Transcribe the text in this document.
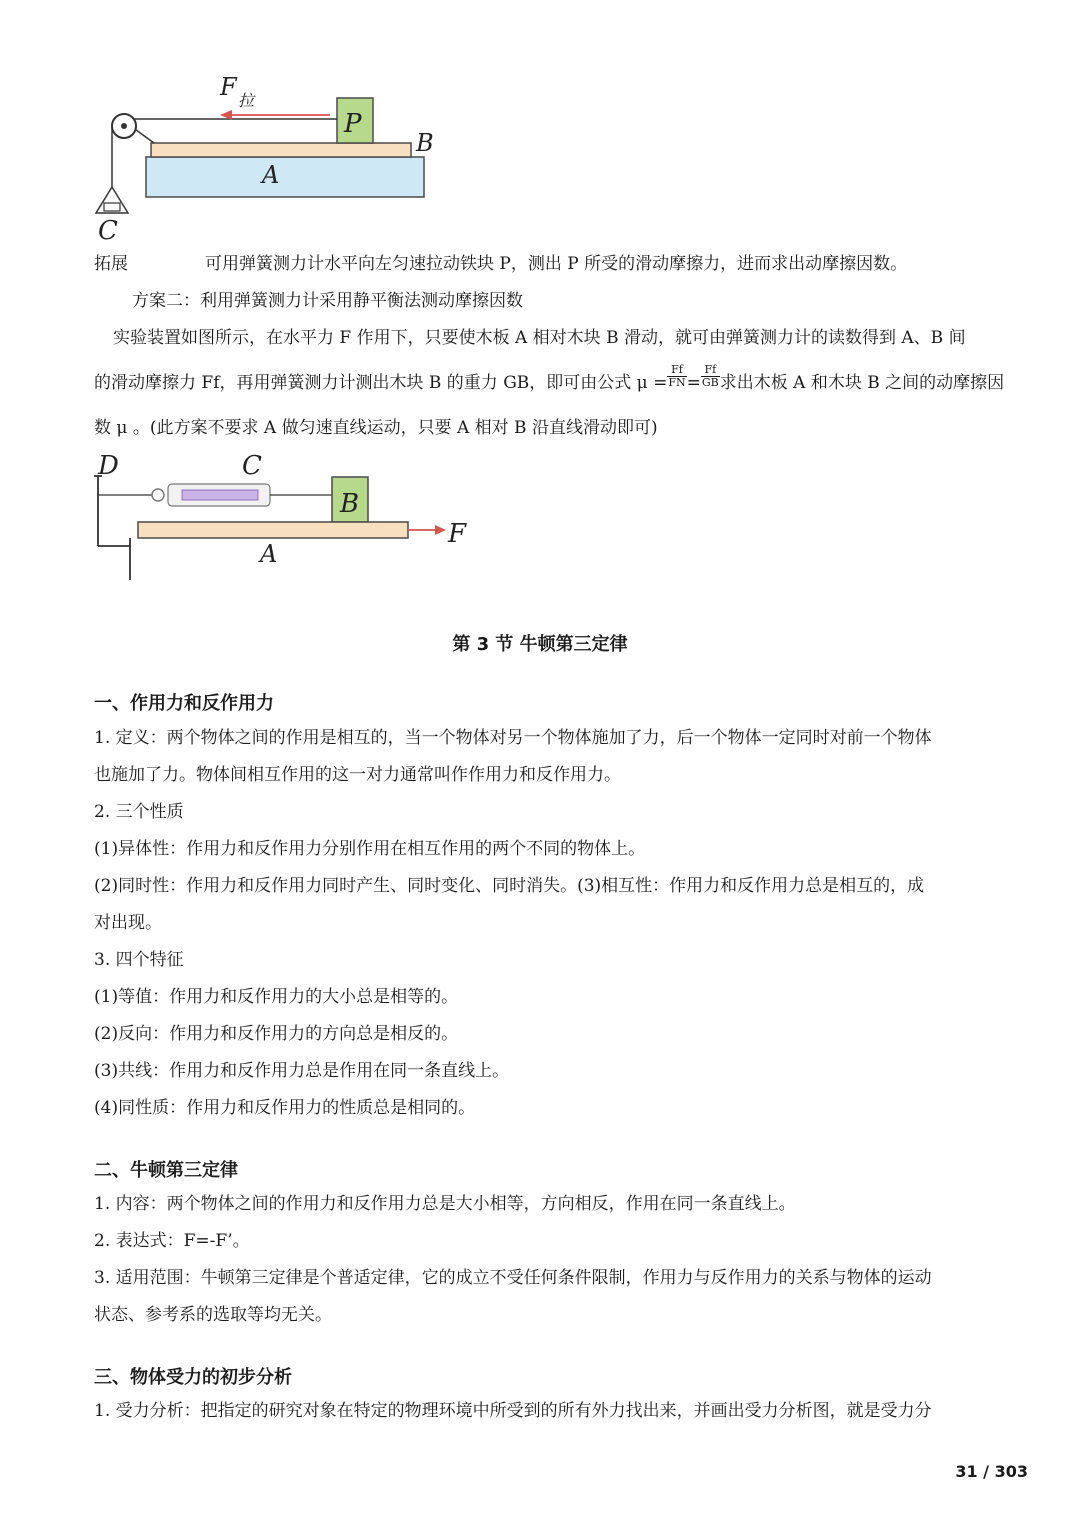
F 拉
P
B
A
C
拓展	可用弹簧测力计水平向左匀速拉动铁块 P，测出 P 所受的滑动摩擦力，进而求出动摩擦因数。
方案二：利用弹簧测力计采用静平衡法测动摩擦因数
实验装置如图所示，在水平力 F 作用下，只要使木板 A 相对木块 B 滑动，就可由弹簧测力计的读数得到 A、B 间
的滑动摩擦力 Ff，再用弹簧测力计测出木块 B 的重力 GB，即可由公式 $\mu = \frac{Ff}{FN} = \frac{Ff}{GB}$ 求出木板 A 和木块 B 之间的动摩擦因
数 μ 。(此方案不要求 A 做匀速直线运动，只要 A 相对 B 沿直线滑动即可)
D	C
B
A
F
第 3 节 牛顿第三定律
一、作用力和反作用力
1. 定义：两个物体之间的作用是相互的，当一个物体对另一个物体施加了力，后一个物体一定同时对前一个物体
也施加了力。物体间相互作用的这一对力通常叫作作用力和反作用力。
2. 三个性质
(1)异体性：作用力和反作用力分别作用在相互作用的两个不同的物体上。
(2)同时性：作用力和反作用力同时产生、同时变化、同时消失。(3)相互性：作用力和反作用力总是相互的，成
对出现。
3. 四个特征
(1)等值：作用力和反作用力的大小总是相等的。
(2)反向：作用力和反作用力的方向总是相反的。
(3)共线：作用力和反作用力总是作用在同一条直线上。
(4)同性质：作用力和反作用力的性质总是相同的。
二、牛顿第三定律
1. 内容：两个物体之间的作用力和反作用力总是大小相等，方向相反，作用在同一条直线上。
2. 表达式：F=-F’。
3. 适用范围：牛顿第三定律是个普适定律，它的成立不受任何条件限制，作用力与反作用力的关系与物体的运动
状态、参考系的选取等均无关。
三、物体受力的初步分析
1. 受力分析：把指定的研究对象在特定的物理环境中所受到的所有外力找出来，并画出受力分析图，就是受力分
31 / 303
